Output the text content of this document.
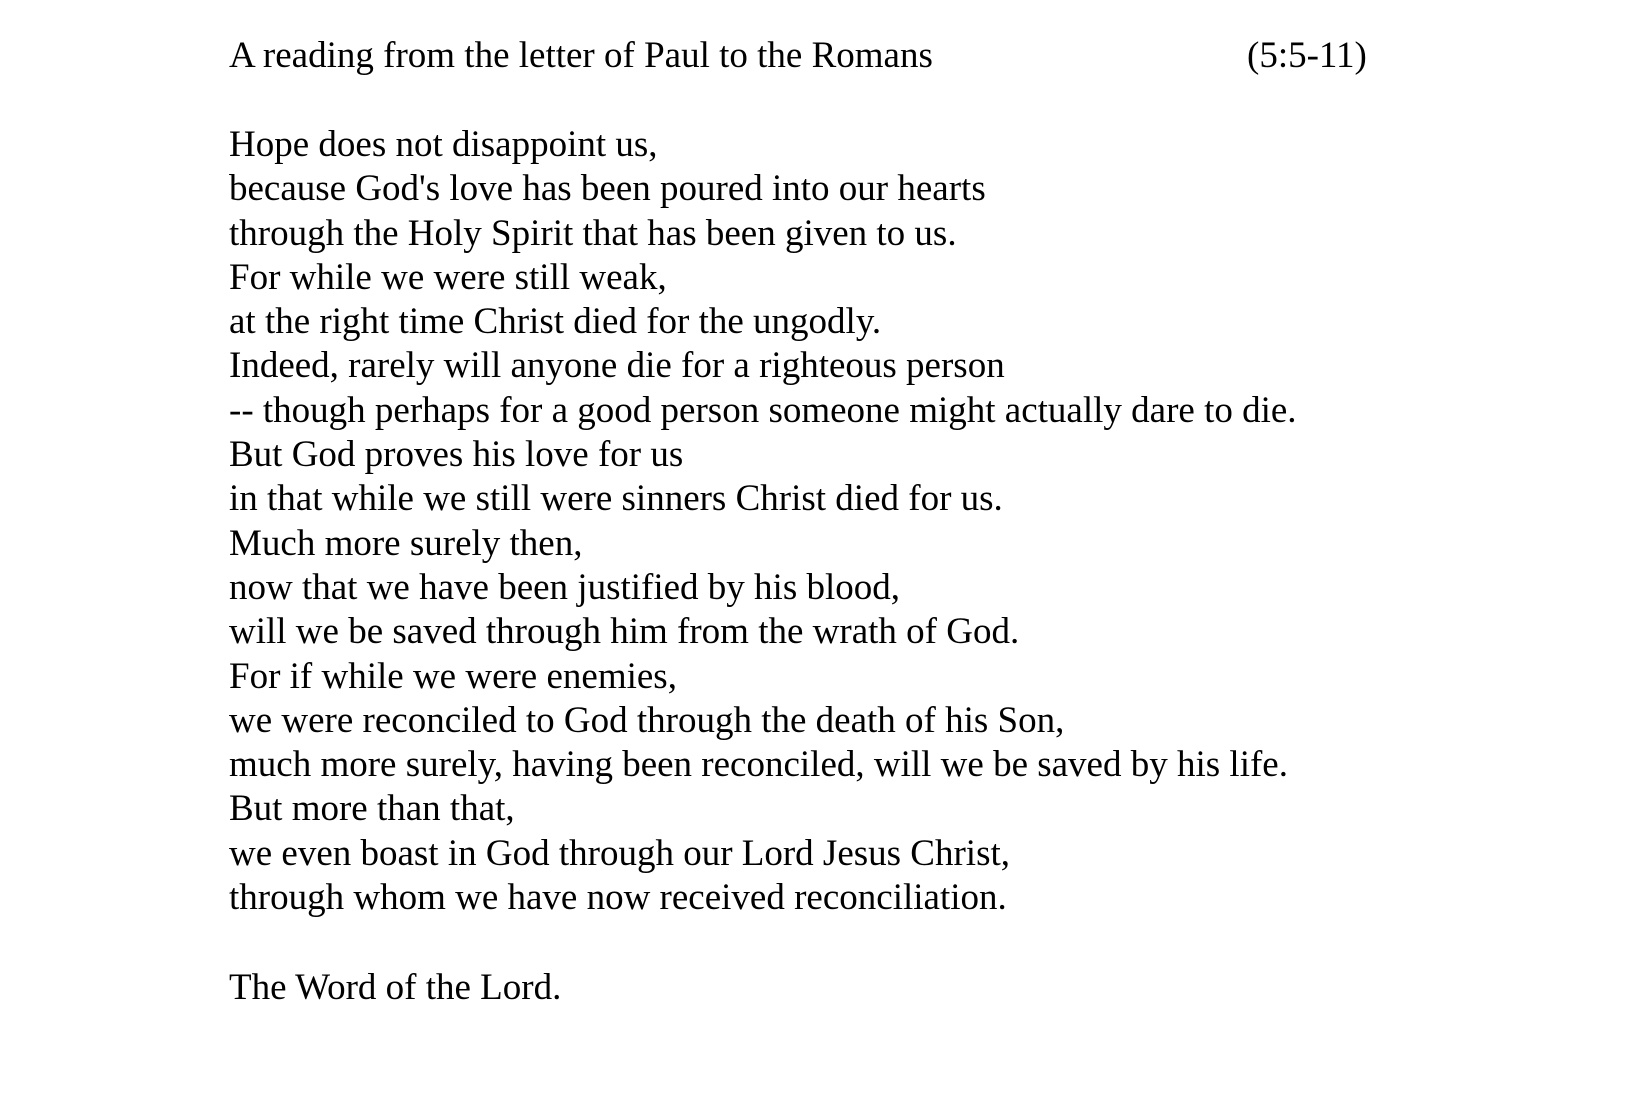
A reading from the letter of Paul to the Romans	(5:5-11)
Hope does not disappoint us,
because God's love has been poured into our hearts
through the Holy Spirit that has been given to us.
For while we were still weak,
at the right time Christ died for the ungodly.
Indeed, rarely will anyone die for a righteous person
-- though perhaps for a good person someone might actually dare to die.
But God proves his love for us
in that while we still were sinners Christ died for us.
Much more surely then,
now that we have been justified by his blood,
will we be saved through him from the wrath of God.
For if while we were enemies,
we were reconciled to God through the death of his Son,
much more surely, having been reconciled, will we be saved by his life.
But more than that,
we even boast in God through our Lord Jesus Christ,
through whom we have now received reconciliation.
The Word of the Lord.
